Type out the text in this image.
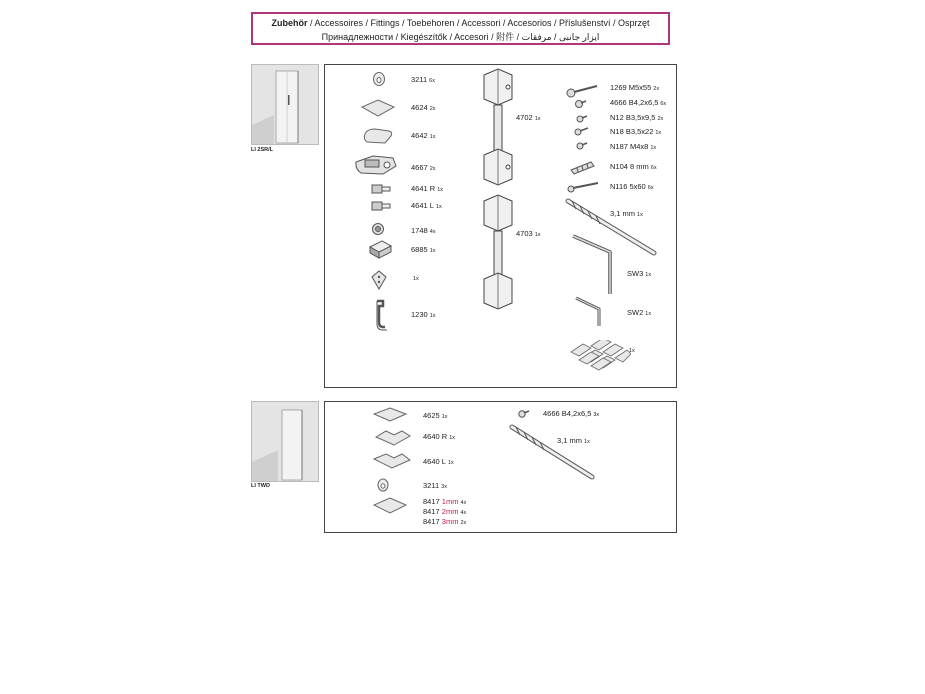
Zubehör / Accessoires / Fittings / Toebehoren / Accessori / Accesorios / Příslušenství / Osprzęt
Принадлежности / Kiegészítők / Accesori / 附件 / ايزار جانبى / مرفقات
LI 2SR/L
3211 6x
4624 2x
4642 1x
4667 2x
4641 R 1x
4641 L 1x
1748 4x
6885 1x
1x
1230 1x
4702 1x
4703 1x
1269 M5x55 2x
4666 B4,2x6,5 6x
N12 B3,5x9,5 2x
N18 B3,5x22 1x
N187 M4x8 1x
N104 8 mm 6x
N116 5x60 6x
3,1 mm 1x
SW3 1x
SW2 1x
1x
LI TWD
4625 1x
4640 R 1x
4640 L 1x
3211 3x
8417 1mm 4x
8417 2mm 4x
8417 3mm 2x
4666 B4,2x6,5 3x
3,1 mm 1x
